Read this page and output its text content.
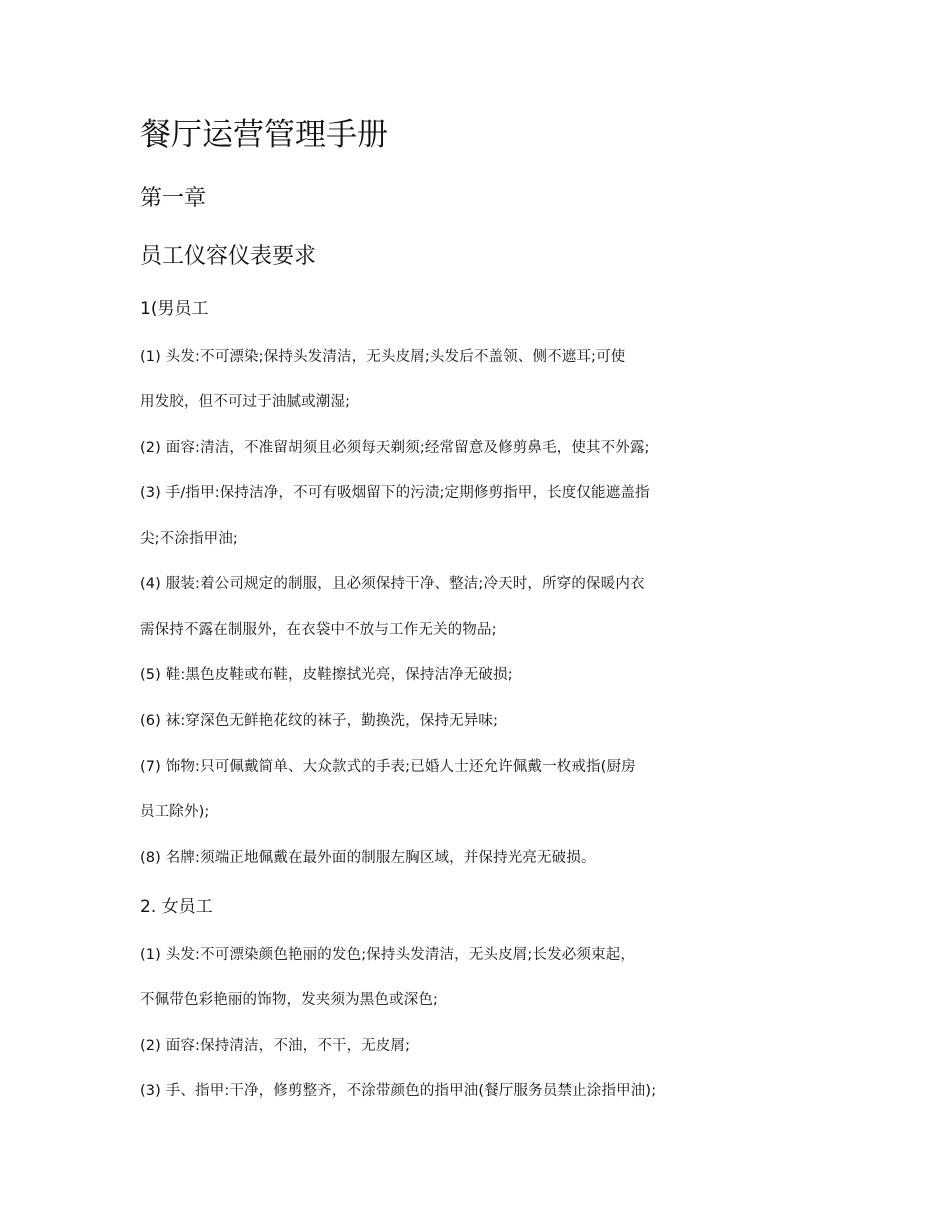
餐厅运营管理手册
第一章
员工仪容仪表要求
1(男员工
(1) 头发:不可漂染;保持头发清洁，无头皮屑;头发后不盖领、侧不遮耳;可使
用发胶，但不可过于油腻或潮湿;
(2) 面容:清洁，不准留胡须且必须每天剃须;经常留意及修剪鼻毛，使其不外露;
(3) 手/指甲:保持洁净，不可有吸烟留下的污渍;定期修剪指甲，长度仅能遮盖指
尖;不涂指甲油;
(4) 服装:着公司规定的制服，且必须保持干净、整洁;冷天时，所穿的保暖内衣
需保持不露在制服外，在衣袋中不放与工作无关的物品;
(5) 鞋:黑色皮鞋或布鞋，皮鞋擦拭光亮，保持洁净无破损;
(6) 袜:穿深色无鲜艳花纹的袜子，勤换洗，保持无异味;
(7) 饰物:只可佩戴简单、大众款式的手表;已婚人士还允许佩戴一枚戒指(厨房
员工除外);
(8) 名牌:须端正地佩戴在最外面的制服左胸区域，并保持光亮无破损。
2. 女员工
(1) 头发:不可漂染颜色艳丽的发色;保持头发清洁，无头皮屑;长发必须束起，
不佩带色彩艳丽的饰物，发夹须为黑色或深色;
(2) 面容:保持清洁，不油，不干，无皮屑;
(3) 手、指甲:干净，修剪整齐，不涂带颜色的指甲油(餐厅服务员禁止涂指甲油);
